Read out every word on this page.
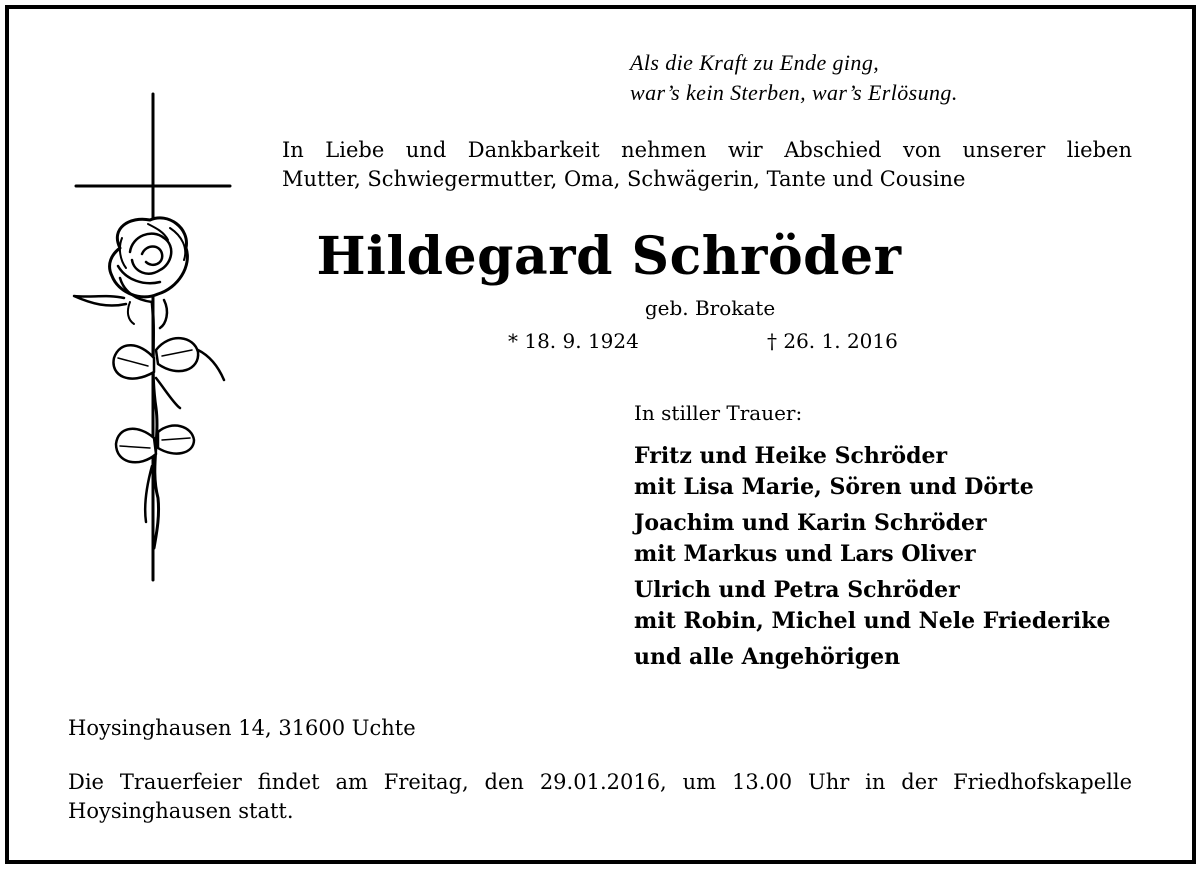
Als die Kraft zu Ende ging,
war’s kein Sterben, war’s Erlösung.
In Liebe und Dankbarkeit nehmen wir Abschied von unserer lieben
Mutter, Schwiegermutter, Oma, Schwägerin, Tante und Cousine
Hildegard Schröder
geb. Brokate
* 18. 9. 1924	† 26. 1. 2016
In stiller Trauer:
Fritz und Heike Schröder
mit Lisa Marie, Sören und Dörte
Joachim und Karin Schröder
mit Markus und Lars Oliver
Ulrich und Petra Schröder
mit Robin, Michel und Nele Friederike
und alle Angehörigen
Hoysinghausen 14, 31600 Uchte
Die Trauerfeier findet am Freitag, den 29.01.2016, um 13.00 Uhr in der Friedhofskapelle
Hoysinghausen statt.
